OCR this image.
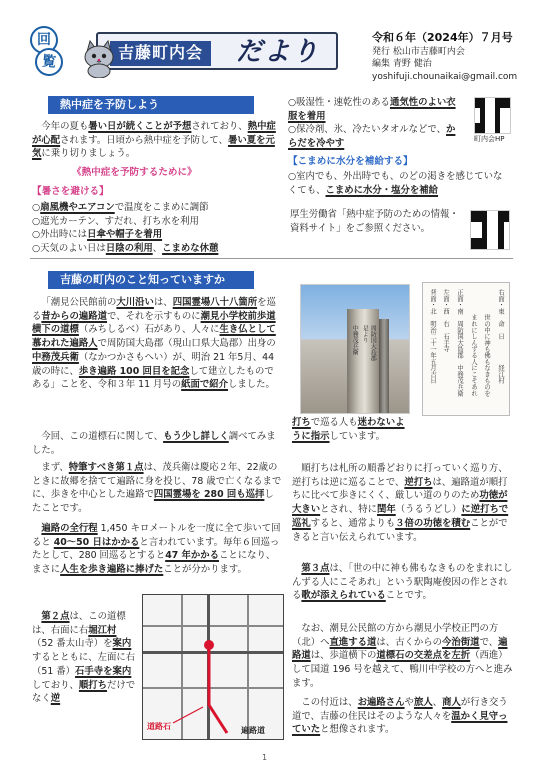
回
覧	吉藤町内会	だより	令和６年（2024年）７月号
発行 松山市吉藤町内会
編集 青野 健治
yoshifuji.chounaikai@gmail.com
熱中症を予防しよう
今年の夏も暑い日が続くことが予想されており、熱中症が心配されます。日頃から熱中症を予防して、暑い夏を元気に乗り切りましょう。
《熱中症を予防するために》
【暑さを避ける】
○扇風機やエアコンで温度をこまめに調節
○遮光カーテン、すだれ、打ち水を利用
○外出時には日傘や帽子を着用
○天気のよい日は日陰の利用、こまめな休憩
○吸湿性・速乾性のある通気性のよい衣服を着用
○保冷剤、氷、冷たいタオルなどで、からだを冷やす
【こまめに水分を補給する】
○室内でも、外出時でも、のどの渇きを感じていなくても、こまめに水分・塩分を補給
厚生労働省「熱中症予防のための情報・資料サイト」をご参照ください。
町内会HP
吉藤の町内のこと知っていますか
「潮見公民館前の大川沿いは、四国霊場八十八箇所を巡る昔からの遍路道で、それを示すものに潮見小学校前歩道横下の道標（みちしるべ）石があり、人々に生き仏として慕われた遍路人で周防国大島郡（現山口県大島郡）出身の中務茂兵衛（なかつかさもへい）が、明治 21 年5月、44 歳の時に、歩き遍路 100 回目を記念して建立したものである」ことを、令和３年 11 月号の紙面で紹介しました。
今回、この道標石に関して、もう少し詳しく調べてみました。
まず、特筆すべき第１点は、茂兵衛は慶応２年、22歳のときに故郷を捨てて遍路に身を投じ、78 歳で亡くなるまでに、歩きを中心とした遍路で四国霊場を 280 回も巡拝したことです。
遍路の全行程 1,450 キロメートルを一度に全て歩いて回ると 40〜50 日はかかると言われています。毎年６回巡ったとして、280 回巡るとすると47 年かかることになり、まさに人生を歩き遍路に捧げたことが分かります。
第２点は、この道標は、右面に右堀江村（52 番太山寺）を案内するとともに、左面に右（51 番）石手寺を案内しており、順打ちだけでなく逆
道路石	遍路道
中務茂兵衛 是より 周防国大島郡	右面・東　命　日　　　　経江村
　　　　世の中に神も佛もなきものを
　　　　まれにしんずる人にこそあれ
正面・南　周防国大島郡　中務茂兵衛
左面・西　右　石手寺
背面・北　明治二十一年五月吉日
打ちで巡る人も迷わないように指示しています。
順打ちは札所の順番どおりに打っていく巡り方、逆打ちは逆に巡ることで、逆打ちは、遍路道が順打ちに比べて歩きにくく、厳しい道のりのため功徳が大きいとされ、特に閏年（うるうどし）に逆打ちで巡礼すると、通常よりも３倍の功徳を積むことができると言い伝えられています。
第３点は、「世の中に神も佛もなきものをまれにしんずる人にこそあれ」という駅陶庵俊因の作とされる歌が添えられていることです。
なお、潮見公民館の方から潮見小学校正門の方（北）へ直進する道は、古くからの今治街道で、遍路道は、歩道横下の道標石の交差点を左折（西進）して国道 196 号を越えて、鴨川中学校の方へと進みます。
この付近は、お遍路さんや旅人、商人が行き交う道で、吉藤の住民はそのような人々を温かく見守っていたと想像されます。
1
